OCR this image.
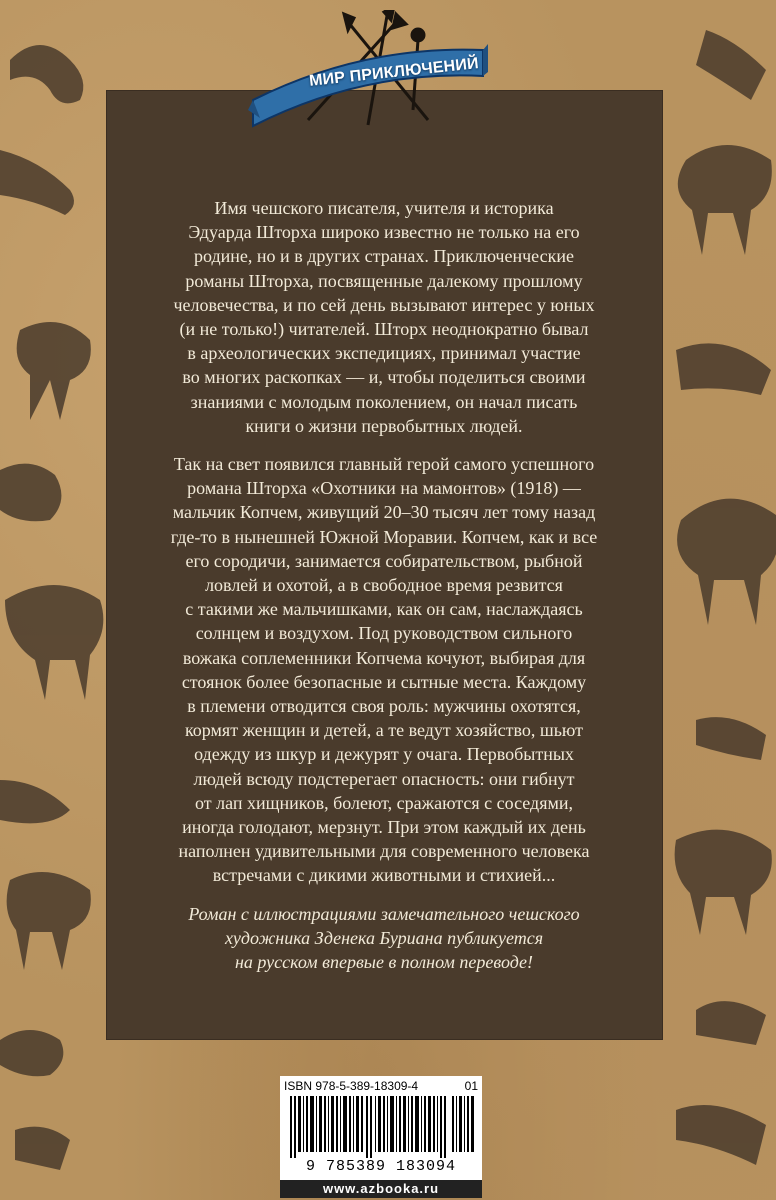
МИР ПРИКЛЮЧЕНИЙ

Имя чешского писателя, учителя и историка
Эдуарда Шторха широко известно не только на его
родине, но и в других странах. Приключенческие
романы Шторха, посвященные далекому прошлому
человечества, и по сей день вызывают интерес у юных
(и не только!) читателей. Шторх неоднократно бывал
в археологических экспедициях, принимал участие
во многих раскопках — и, чтобы поделиться своими
знаниями с молодым поколением, он начал писать
книги о жизни первобытных людей.

Так на свет появился главный герой самого успешного
романа Шторха «Охотники на мамонтов» (1918) —
мальчик Копчем, живущий 20–30 тысяч лет тому назад
где-то в нынешней Южной Моравии. Копчем, как и все
его сородичи, занимается собирательством, рыбной
ловлей и охотой, а в свободное время резвится
с такими же мальчишками, как он сам, наслаждаясь
солнцем и воздухом. Под руководством сильного
вожака соплеменники Копчема кочуют, выбирая для
стоянок более безопасные и сытные места. Каждому
в племени отводится своя роль: мужчины охотятся,
кормят женщин и детей, а те ведут хозяйство, шьют
одежду из шкур и дежурят у очага. Первобытных
людей всюду подстерегает опасность: они гибнут
от лап хищников, болеют, сражаются с соседями,
иногда голодают, мерзнут. При этом каждый их день
наполнен удивительными для современного человека
встречами с дикими животными и стихией...

Роман с иллюстрациями замечательного чешского
художника Зденека Буриана публикуется
на русском впервые в полном переводе!

ISBN 978-5-389-18309-4	01
9 785389 183094
www.azbooka.ru
